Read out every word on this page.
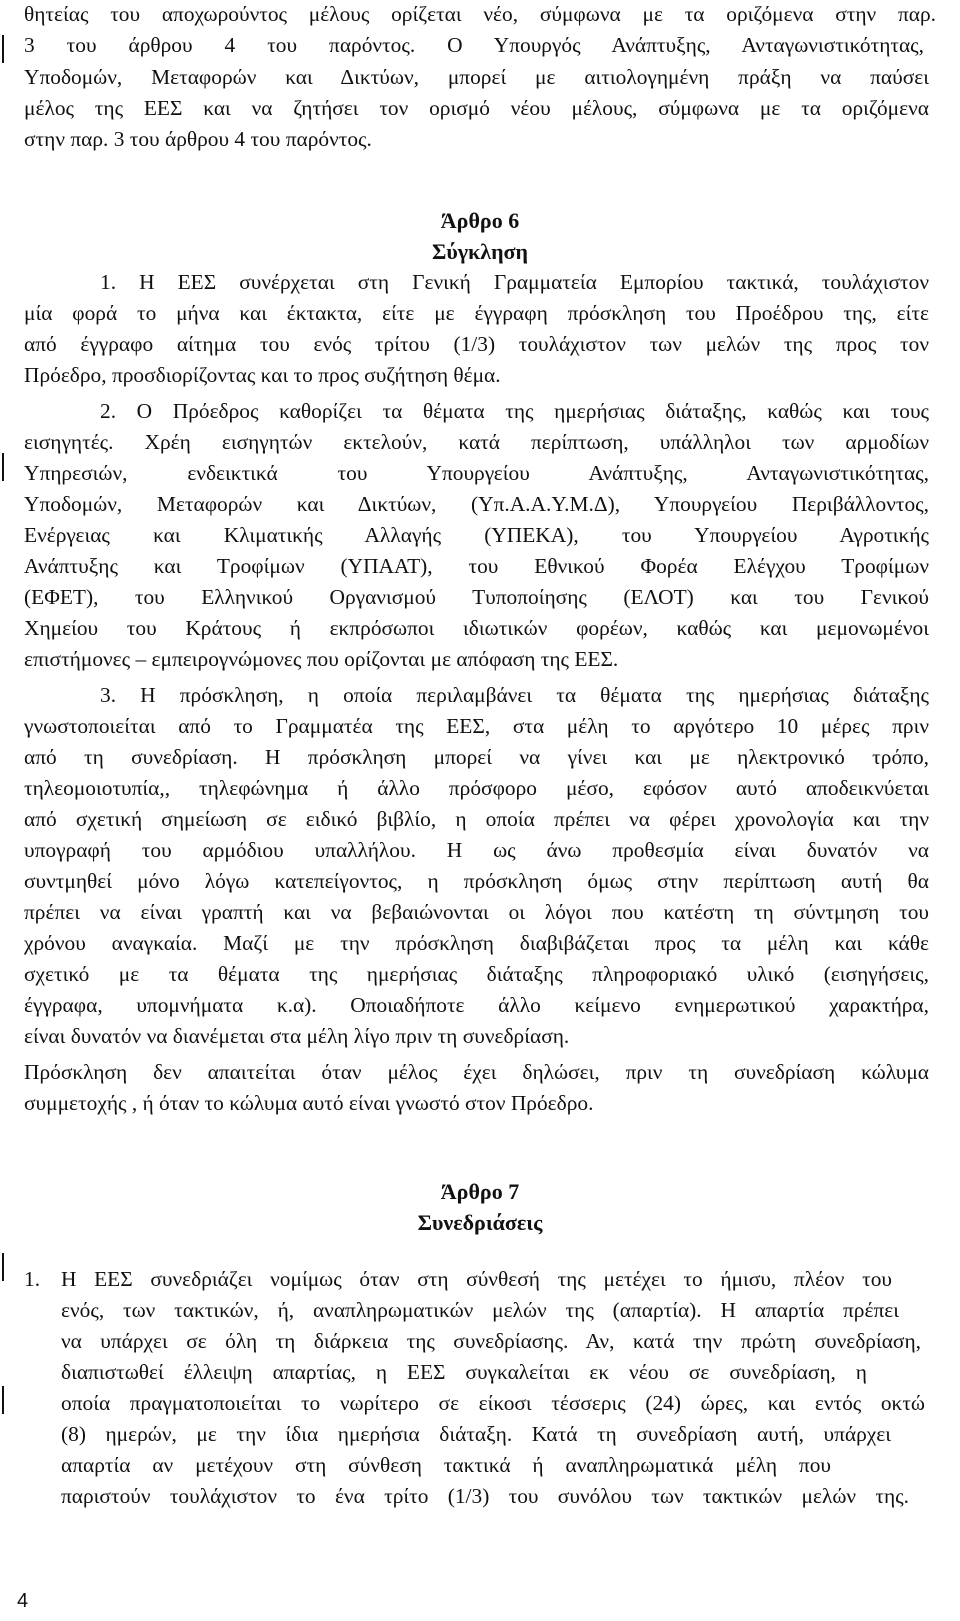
θητείας του αποχωρούντος μέλους ορίζεται νέο, σύμφωνα με τα οριζόμενα στην παρ.
3 του άρθρου 4 του παρόντος. Ο Υπουργός Ανάπτυξης, Ανταγωνιστικότητας,
Υποδομών, Μεταφορών και Δικτύων, μπορεί με αιτιολογημένη πράξη να παύσει
μέλος της ΕΕΣ και να ζητήσει τον ορισμό νέου μέλους, σύμφωνα με τα οριζόμενα
στην παρ. 3 του άρθρου 4 του παρόντος.
Άρθρο 6
Σύγκληση
1. Η ΕΕΣ συνέρχεται στη Γενική Γραμματεία Εμπορίου τακτικά, τουλάχιστον
μία φορά το μήνα και έκτακτα, είτε με έγγραφη πρόσκληση του Προέδρου της, είτε
από έγγραφο αίτημα του ενός τρίτου (1/3) τουλάχιστον των μελών της προς τον
Πρόεδρο, προσδιορίζοντας και το προς συζήτηση θέμα.
2. Ο Πρόεδρος καθορίζει τα θέματα της ημερήσιας διάταξης, καθώς και τους
εισηγητές. Χρέη εισηγητών εκτελούν, κατά περίπτωση, υπάλληλοι των αρμοδίων
Υπηρεσιών, ενδεικτικά του Υπουργείου Ανάπτυξης, Ανταγωνιστικότητας,
Υποδομών, Μεταφορών και Δικτύων, (Υπ.Α.Α.Υ.Μ.Δ), Υπουργείου Περιβάλλοντος,
Ενέργειας και Κλιματικής Αλλαγής (ΥΠΕΚΑ), του Υπουργείου Αγροτικής
Ανάπτυξης και Τροφίμων (ΥΠΑΑΤ), του Εθνικού Φορέα Ελέγχου Τροφίμων
(ΕΦΕΤ), του Ελληνικού Οργανισμού Τυποποίησης (ΕΛΟΤ) και του Γενικού
Χημείου του Κράτους ή εκπρόσωποι ιδιωτικών φορέων, καθώς και μεμονωμένοι
επιστήμονες – εμπειρογνώμονες που ορίζονται με απόφαση της ΕΕΣ.
3. Η πρόσκληση, η οποία περιλαμβάνει τα θέματα της ημερήσιας διάταξης
γνωστοποιείται από το Γραμματέα της ΕΕΣ, στα μέλη το αργότερο 10 μέρες πριν
από τη συνεδρίαση. Η πρόσκληση μπορεί να γίνει και με ηλεκτρονικό τρόπο,
τηλεομοιοτυπία,, τηλεφώνημα ή άλλο πρόσφορο μέσο, εφόσον αυτό αποδεικνύεται
από σχετική σημείωση σε ειδικό βιβλίο, η οποία πρέπει να φέρει χρονολογία και την
υπογραφή του αρμόδιου υπαλλήλου. Η ως άνω προθεσμία είναι δυνατόν να
συντμηθεί μόνο λόγω κατεπείγοντος, η πρόσκληση όμως στην περίπτωση αυτή θα
πρέπει να είναι γραπτή και να βεβαιώνονται οι λόγοι που κατέστη τη σύντμηση του
χρόνου αναγκαία. Μαζί με την πρόσκληση διαβιβάζεται προς τα μέλη και κάθε
σχετικό με τα θέματα της ημερήσιας διάταξης πληροφοριακό υλικό (εισηγήσεις,
έγγραφα, υπομνήματα κ.α). Οποιαδήποτε άλλο κείμενο ενημερωτικού χαρακτήρα,
είναι δυνατόν να διανέμεται στα μέλη λίγο πριν τη συνεδρίαση.
Πρόσκληση δεν απαιτείται όταν μέλος έχει δηλώσει, πριν τη συνεδρίαση κώλυμα
συμμετοχής , ή όταν το κώλυμα αυτό είναι γνωστό στον Πρόεδρο.
Άρθρο 7
Συνεδριάσεις
1. Η ΕΕΣ συνεδριάζει νομίμως όταν στη σύνθεσή της μετέχει το ήμισυ, πλέον του
ενός, των τακτικών, ή, αναπληρωματικών μελών της (απαρτία). Η απαρτία πρέπει
να υπάρχει σε όλη τη διάρκεια της συνεδρίασης. Αν, κατά την πρώτη συνεδρίαση,
διαπιστωθεί έλλειψη απαρτίας, η ΕΕΣ συγκαλείται εκ νέου σε συνεδρίαση, η
οποία πραγματοποιείται το νωρίτερο σε είκοσι τέσσερις (24) ώρες, και εντός οκτώ
(8) ημερών, με την ίδια ημερήσια διάταξη. Κατά τη συνεδρίαση αυτή, υπάρχει
απαρτία αν μετέχουν στη σύνθεση τακτικά ή αναπληρωματικά μέλη που
παριστούν τουλάχιστον το ένα τρίτο (1/3) του συνόλου των τακτικών μελών της.
4
